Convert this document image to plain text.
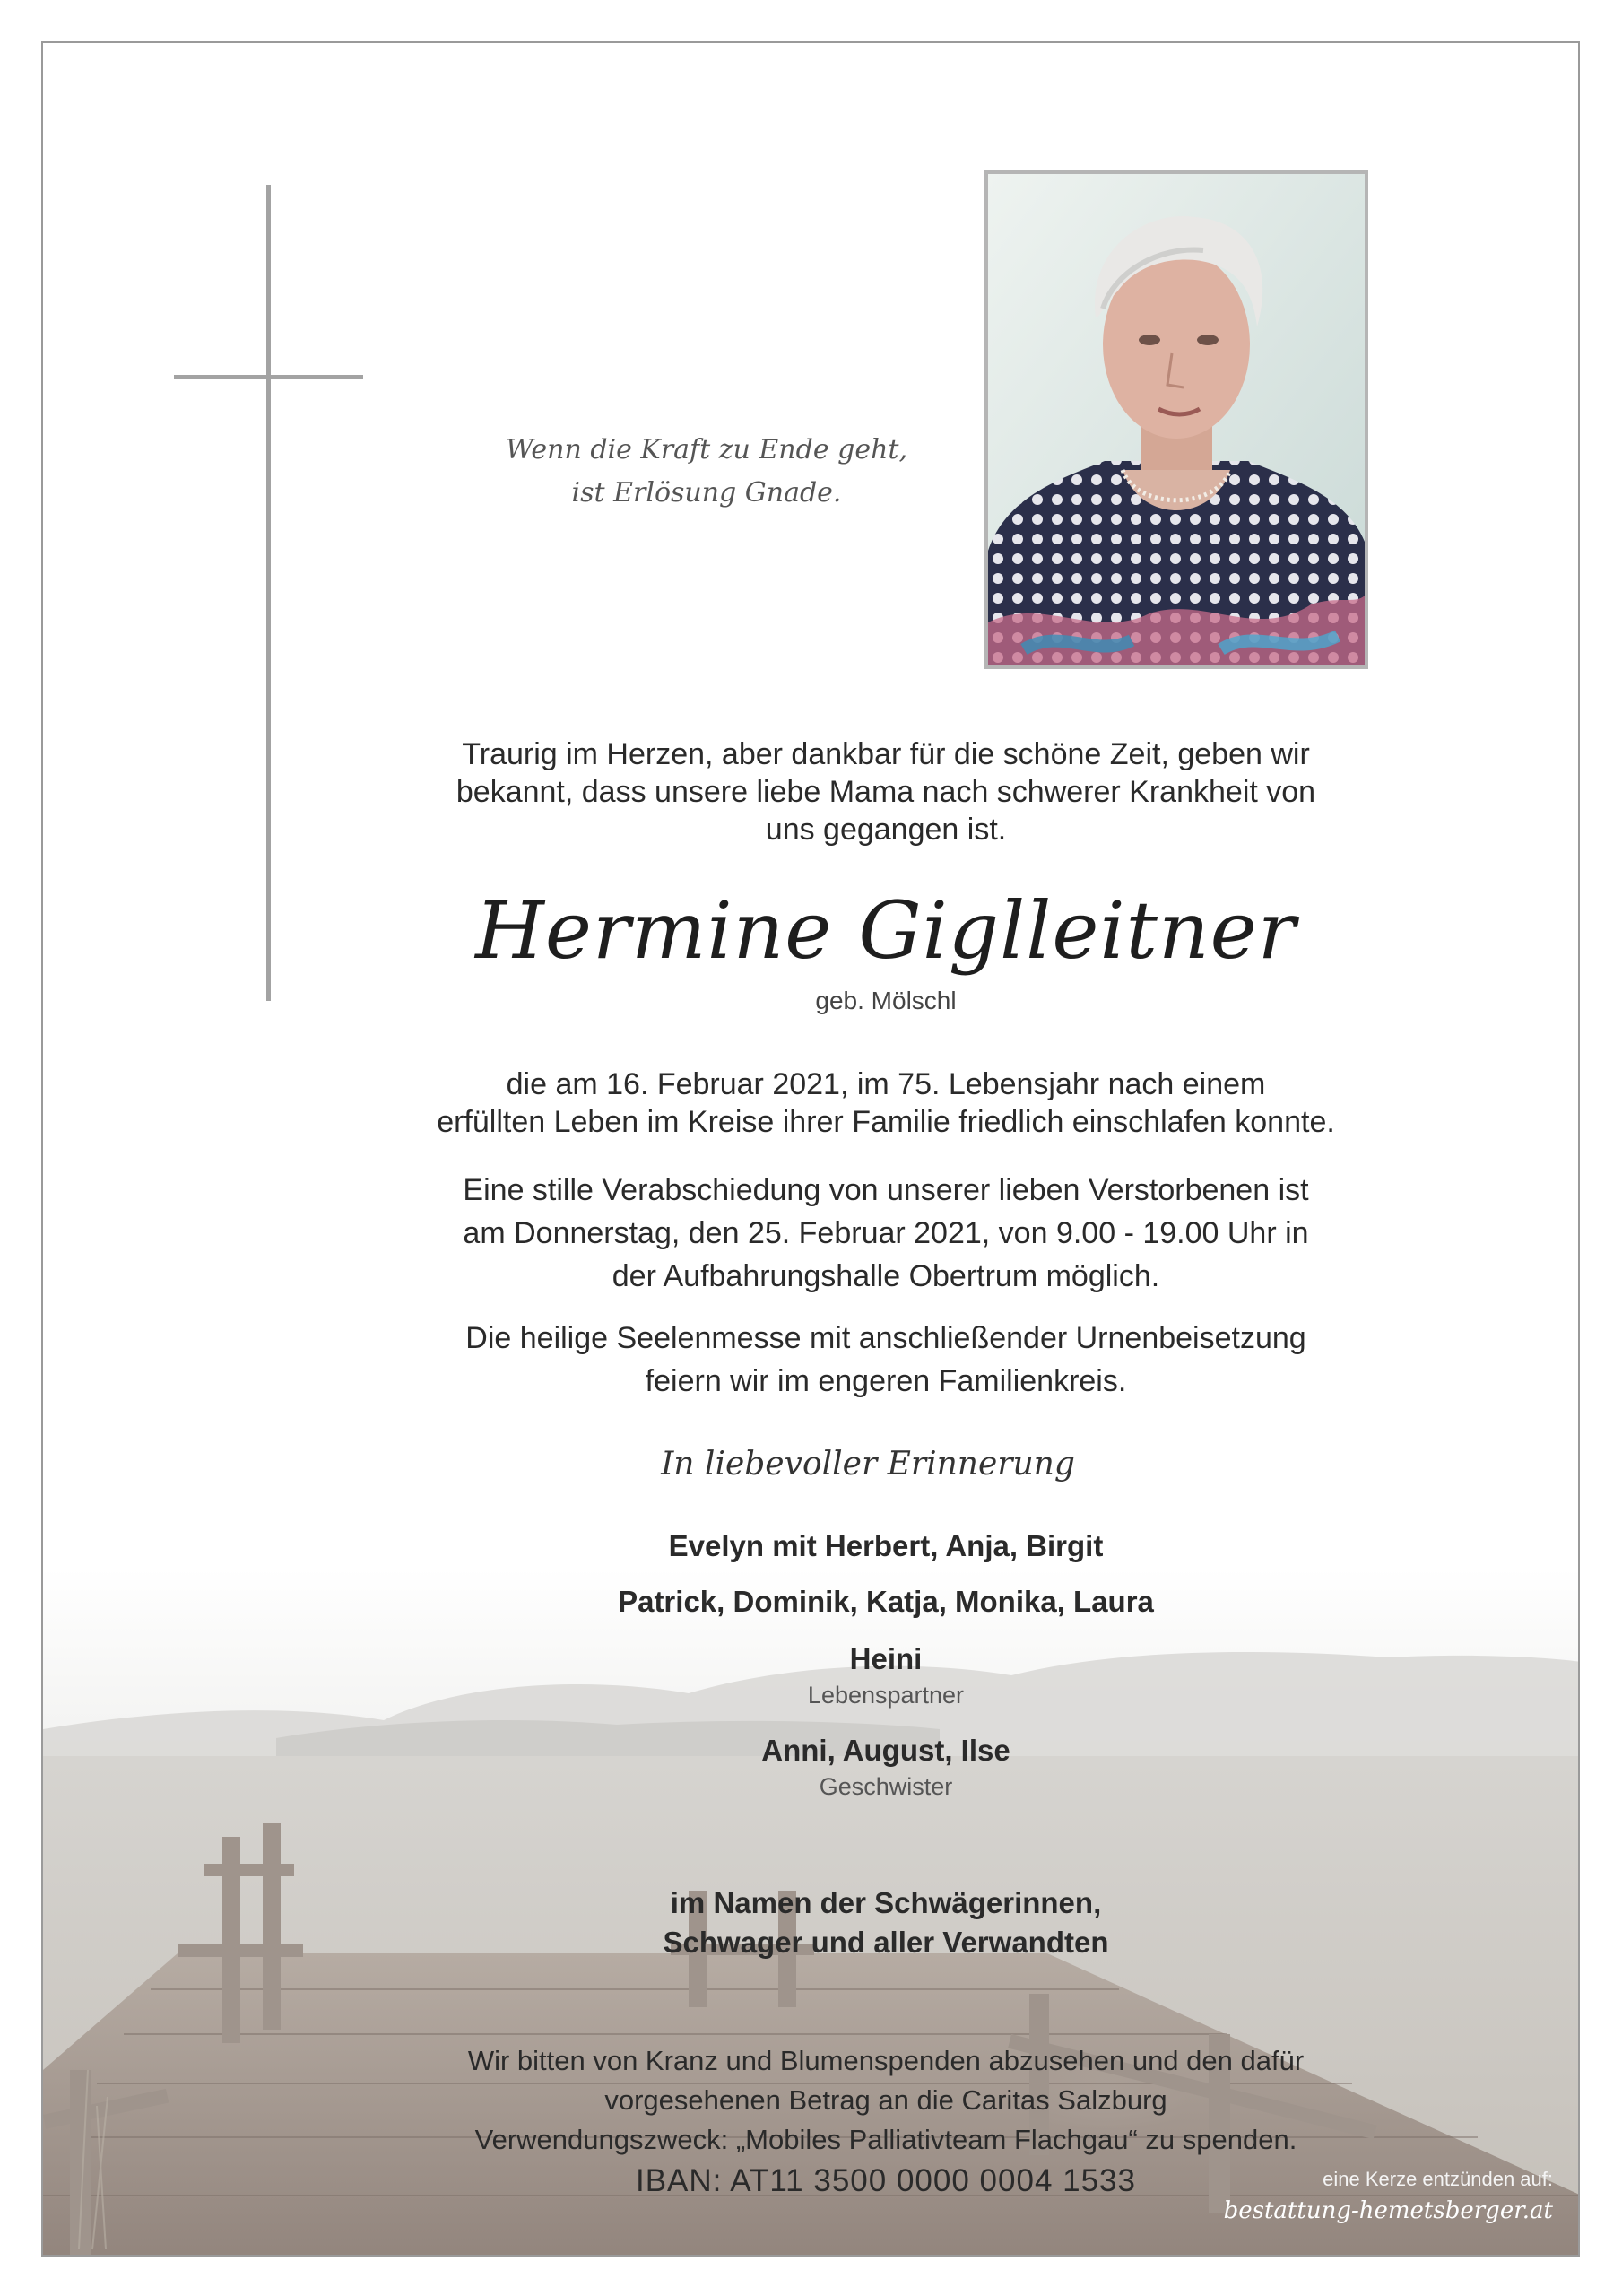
Wenn die Kraft zu Ende geht,
ist Erlösung Gnade.
Traurig im Herzen, aber dankbar für die schöne Zeit, geben wir
bekannt, dass unsere liebe Mama nach schwerer Krankheit von
uns gegangen ist.
Hermine Giglleitner
geb. Mölschl
die am 16. Februar 2021, im 75. Lebensjahr nach einem
erfüllten Leben im Kreise ihrer Familie friedlich einschlafen konnte.
Eine stille Verabschiedung von unserer lieben Verstorbenen ist
am Donnerstag, den 25. Februar 2021, von 9.00 - 19.00 Uhr in
der Aufbahrungshalle Obertrum möglich.
Die heilige Seelenmesse mit anschließender Urnenbeisetzung
feiern wir im engeren Familienkreis.
In liebevoller Erinnerung
Evelyn mit Herbert, Anja, Birgit
Patrick, Dominik, Katja, Monika, Laura
Heini
Lebenspartner
Anni, August, Ilse
Geschwister
im Namen der Schwägerinnen,
Schwager und aller Verwandten
Wir bitten von Kranz und Blumenspenden abzusehen und den dafür
vorgesehenen Betrag an die Caritas Salzburg
Verwendungszweck: „Mobiles Palliativteam Flachgau“ zu spenden.
IBAN: AT11 3500 0000 0004 1533	eine Kerze entzünden auf:
bestattung-hemetsberger.at
